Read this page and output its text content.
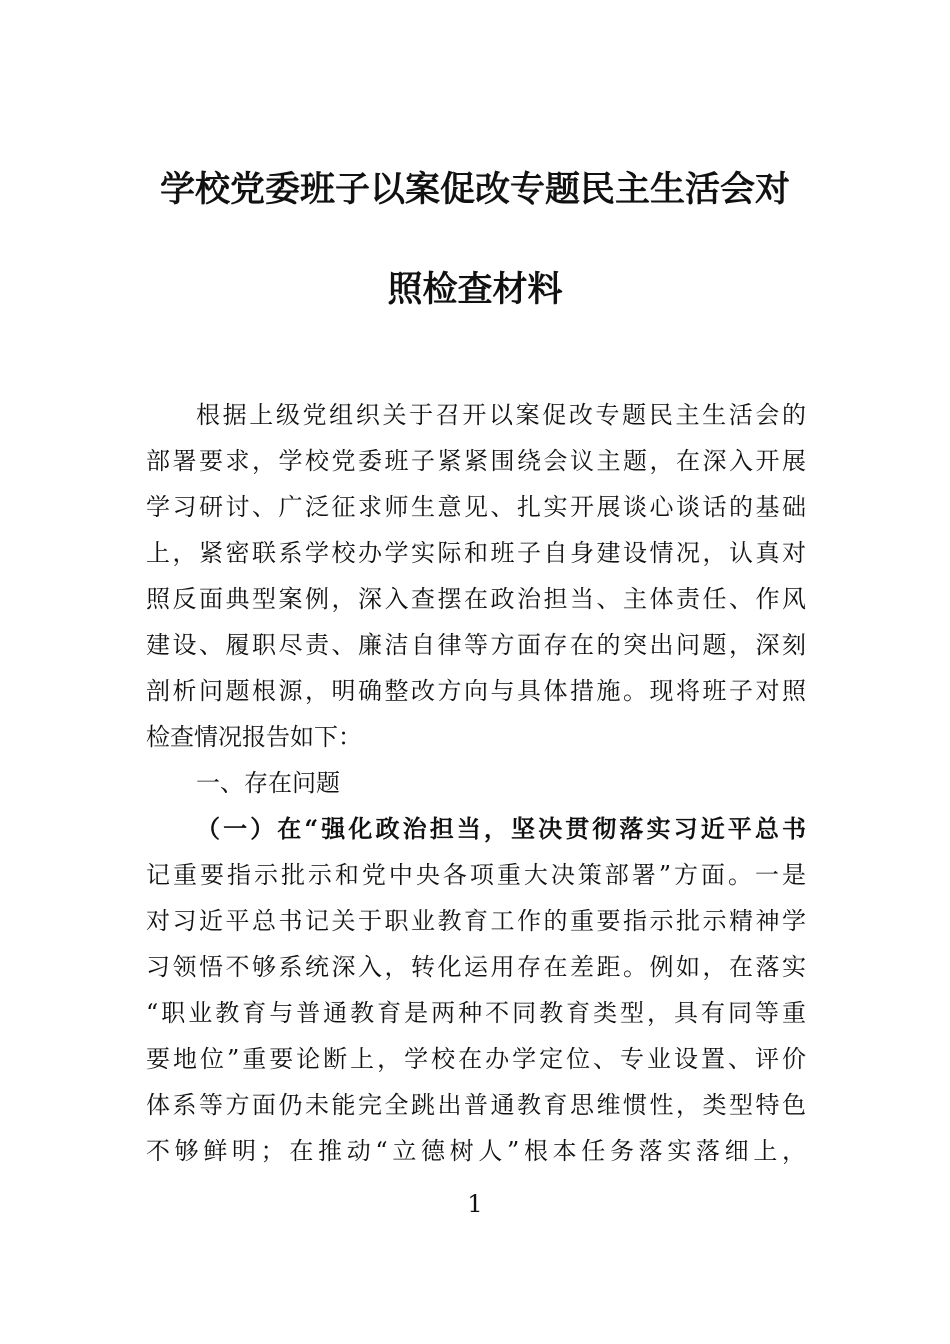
学校党委班子以案促改专题民主生活会对
照检查材料
根据上级党组织关于召开以案促改专题民主生活会的
部署要求，学校党委班子紧紧围绕会议主题，在深入开展
学习研讨、广泛征求师生意见、扎实开展谈心谈话的基础
上，紧密联系学校办学实际和班子自身建设情况，认真对
照反面典型案例，深入查摆在政治担当、主体责任、作风
建设、履职尽责、廉洁自律等方面存在的突出问题，深刻
剖析问题根源，明确整改方向与具体措施。现将班子对照
检查情况报告如下：
一、存在问题
（一）在“强化政治担当，坚决贯彻落实习近平总书
记重要指示批示和党中央各项重大决策部署”方面。一是
对习近平总书记关于职业教育工作的重要指示批示精神学
习领悟不够系统深入，转化运用存在差距。例如，在落实
“职业教育与普通教育是两种不同教育类型，具有同等重
要地位”重要论断上，学校在办学定位、专业设置、评价
体系等方面仍未能完全跳出普通教育思维惯性，类型特色
不够鲜明；在推动“立德树人”根本任务落实落细上，
1
